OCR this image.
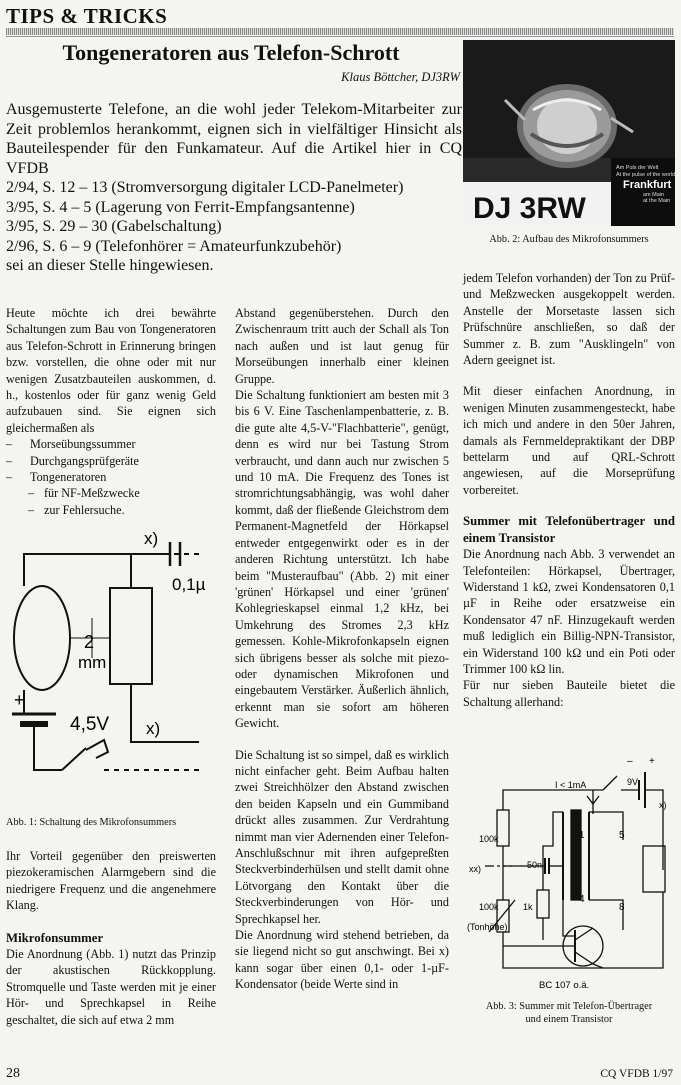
TIPS & TRICKS
Tongeneratoren aus Telefon-Schrott
Klaus Böttcher, DJ3RW

Ausgemusterte Telefone, an die wohl jeder Telekom-Mitarbeiter zur Zeit problemlos herankommt, eignen sich in vielfältiger Hinsicht als Bauteilespender für den Funkamateur. Auf die Artikel hier in CQ VFDB

2/94, S. 12 – 13 (Stromversorgung digitaler LCD-Panelmeter)
3/95, S. 4 – 5 (Lagerung von Ferrit-Empfangsantenne)
3/95, S. 29 – 30 (Gabelschaltung)
2/96, S. 6 – 9 (Telefonhörer = Amateurfunkzubehör)
sei an dieser Stelle hingewiesen.
DJ 3RW
Am Puls der Welt
At the pulse of the world
Frankfurt
am Main
at the Main

Heute möchte ich drei bewährte Schaltungen zum Bau von Tongeneratoren aus Telefon-Schrott in Erinnerung bringen bzw. vorstellen, die ohne oder mit nur wenigen Zusatzbauteilen auskommen, d. h., kostenlos oder für ganz wenig Geld aufzubauen sind. Sie eignen sich gleichermaßen als

– Morseübungssummer
– Durchgangsprüfgeräte
– Tongeneratoren
– für NF-Meßzwecke
– zur Fehlersuche.
x)
0,1µ
2
mm
+
4,5V x)
Abb. 1: Schaltung des Mikrofonsummers

Ihr Vorteil gegenüber den preiswerten piezokeramischen Alarmgebern sind die niedrigere Frequenz und die angenehmere Klang.

Mikrofonsummer

Die Anordnung (Abb. 1) nutzt das Prinzip der akustischen Rückkopplung. Stromquelle und Taste werden mit je einer Hör- und Sprechkapsel in Reihe geschaltet, die sich auf etwa 2 mm

Abstand gegenüberstehen. Durch den Zwischenraum tritt auch der Schall als Ton nach außen und ist laut genug für Morseübungen innerhalb einer kleinen Gruppe.

Die Schaltung funktioniert am besten mit 3 bis 6 V. Eine Taschenlampenbatterie, z. B. die gute alte 4,5-V-"Flachbatterie", genügt, denn es wird nur bei Tastung Strom verbraucht, und dann auch nur zwischen 5 und 10 mA. Die Frequenz des Tones ist stromrichtungsabhängig, was wohl daher kommt, daß der fließende Gleichstrom dem Permanent-Magnetfeld der Hörkapsel entweder entgegenwirkt oder es in der anderen Richtung unterstützt. Ich habe beim "Musteraufbau" (Abb. 2) mit einer 'grünen' Hörkapsel und einer 'grünen' Kohlegrieskapsel einmal 1,2 kHz, bei Umkehrung des Stromes 2,3 kHz gemessen. Kohle-Mikrofonkapseln eignen sich übrigens besser als solche mit piezo- oder dynamischen Mikrofonen und eingebautem Verstärker. Äußerlich ähnlich, erkennt man sie sofort am höheren Gewicht.

Die Schaltung ist so simpel, daß es wirklich nicht einfacher geht. Beim Aufbau halten zwei Streichhölzer den Abstand zwischen den beiden Kapseln und ein Gummiband drückt alles zusammen. Zur Verdrahtung nimmt man vier Adernenden einer Telefon-Anschlußschnur mit ihren aufgepreßten Steckverbinderhülsen und stellt damit ohne Lötvorgang den Kontakt über die Steckverbinderungen von Hör- und Sprechkapsel her.

Die Anordnung wird stehend betrieben, da sie liegend nicht so gut anschwingt. Bei x) kann sogar über einen 0,1- oder 1-µF-Kondensator (beide Werte sind in

Abb. 2: Aufbau des Mikrofonsummers

jedem Telefon vorhanden) der Ton zu Prüf- und Meßzwecken ausgekoppelt werden. Anstelle der Morsetaste lassen sich Prüfschnüre anschließen, so daß der Summer z. B. zum "Ausklingeln" von Adern geeignet ist.

Mit dieser einfachen Anordnung, in wenigen Minuten zusammengesteckt, habe ich mich und andere in den 50er Jahren, damals als Fernmeldepraktikant der DBP bettelarm und auf QRL-Schrott angewiesen, auf die Morseprüfung vorbereitet.

Summer mit Telefonübertrager und einem Transistor

Die Anordnung nach Abb. 3 verwendet an Telefonteilen: Hörkapsel, Übertrager, Widerstand 1 kΩ, zwei Kondensatoren 0,1 µF in Reihe oder ersatzweise ein Kondensator 47 nF. Hinzugekauft werden muß lediglich ein Billig-NPN-Transistor, ein Widerstand 100 kΩ und ein Poti oder Trimmer 100 kΩ lin.

Für nur sieben Bauteile bietet die Schaltung allerhand:

I < 1mA	9V
+
–
x)
100k
xx)	50n
1k
100k
(Tonhöhe)
1	5
4
8
BC 107 o.ä.
Abb. 3: Summer mit Telefon-Übertrager
und einem Transistor
28	CQ VFDB 1/97
